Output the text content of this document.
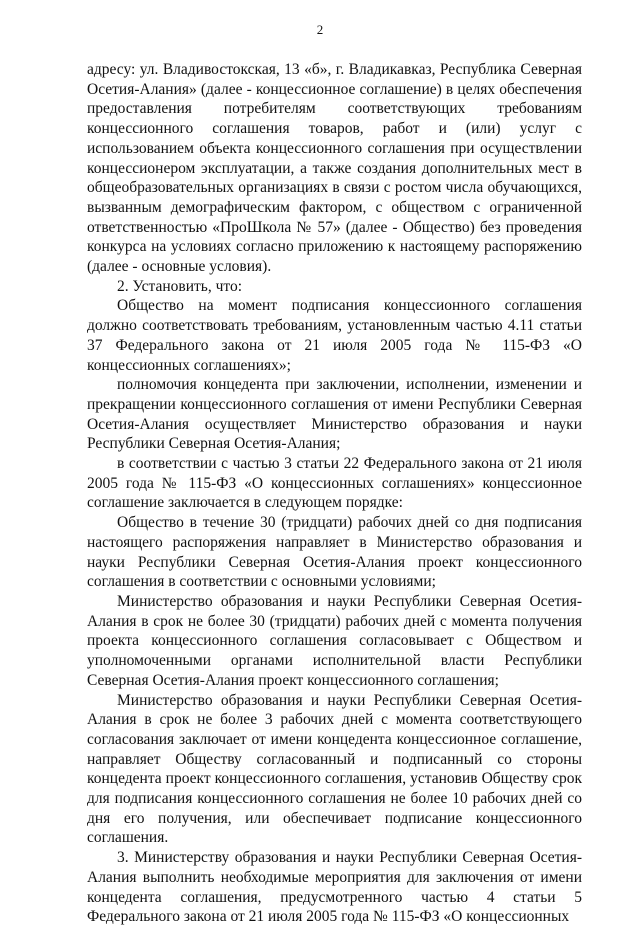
2

адресу: ул. Владивостокская, 13 «б», г. Владикавказ, Республика Северная Осетия-Алания» (далее - концессионное соглашение) в целях обеспечения предоставления потребителям соответствующих требованиям концессионного соглашения товаров, работ и (или) услуг с использованием объекта концессионного соглашения при осуществлении концессионером эксплуатации, а также создания дополнительных мест в общеобразовательных организациях в связи с ростом числа обучающихся, вызванным демографическим фактором, с обществом с ограниченной ответственностью «ПроШкола № 57» (далее - Общество) без проведения конкурса на условиях согласно приложению к настоящему распоряжению (далее - основные условия).

2. Установить, что:

Общество на момент подписания концессионного соглашения должно соответствовать требованиям, установленным частью 4.11 статьи 37 Федерального закона от 21 июля 2005 года № 115-ФЗ «О концессионных соглашениях»;

полномочия концедента при заключении, исполнении, изменении и прекращении концессионного соглашения от имени Республики Северная Осетия-Алания осуществляет Министерство образования и науки Республики Северная Осетия-Алания;

в соответствии с частью 3 статьи 22 Федерального закона от 21 июля 2005 года № 115-ФЗ «О концессионных соглашениях» концессионное соглашение заключается в следующем порядке:

Общество в течение 30 (тридцати) рабочих дней со дня подписания настоящего распоряжения направляет в Министерство образования и науки Республики Северная Осетия-Алания проект концессионного соглашения в соответствии с основными условиями;

Министерство образования и науки Республики Северная Осетия-Алания в срок не более 30 (тридцати) рабочих дней с момента получения проекта концессионного соглашения согласовывает с Обществом и уполномоченными органами исполнительной власти Республики Северная Осетия-Алания проект концессионного соглашения;

Министерство образования и науки Республики Северная Осетия-Алания в срок не более 3 рабочих дней с момента соответствующего согласования заключает от имени концедента концессионное соглашение, направляет Обществу согласованный и подписанный со стороны концедента проект концессионного соглашения, установив Обществу срок для подписания концессионного соглашения не более 10 рабочих дней со дня его получения, или обеспечивает подписание концессионного соглашения.

3. Министерству образования и науки Республики Северная Осетия-Алания выполнить необходимые мероприятия для заключения от имени концедента соглашения, предусмотренного частью 4 статьи 5 Федерального закона от 21 июля 2005 года № 115-ФЗ «О концессионных
